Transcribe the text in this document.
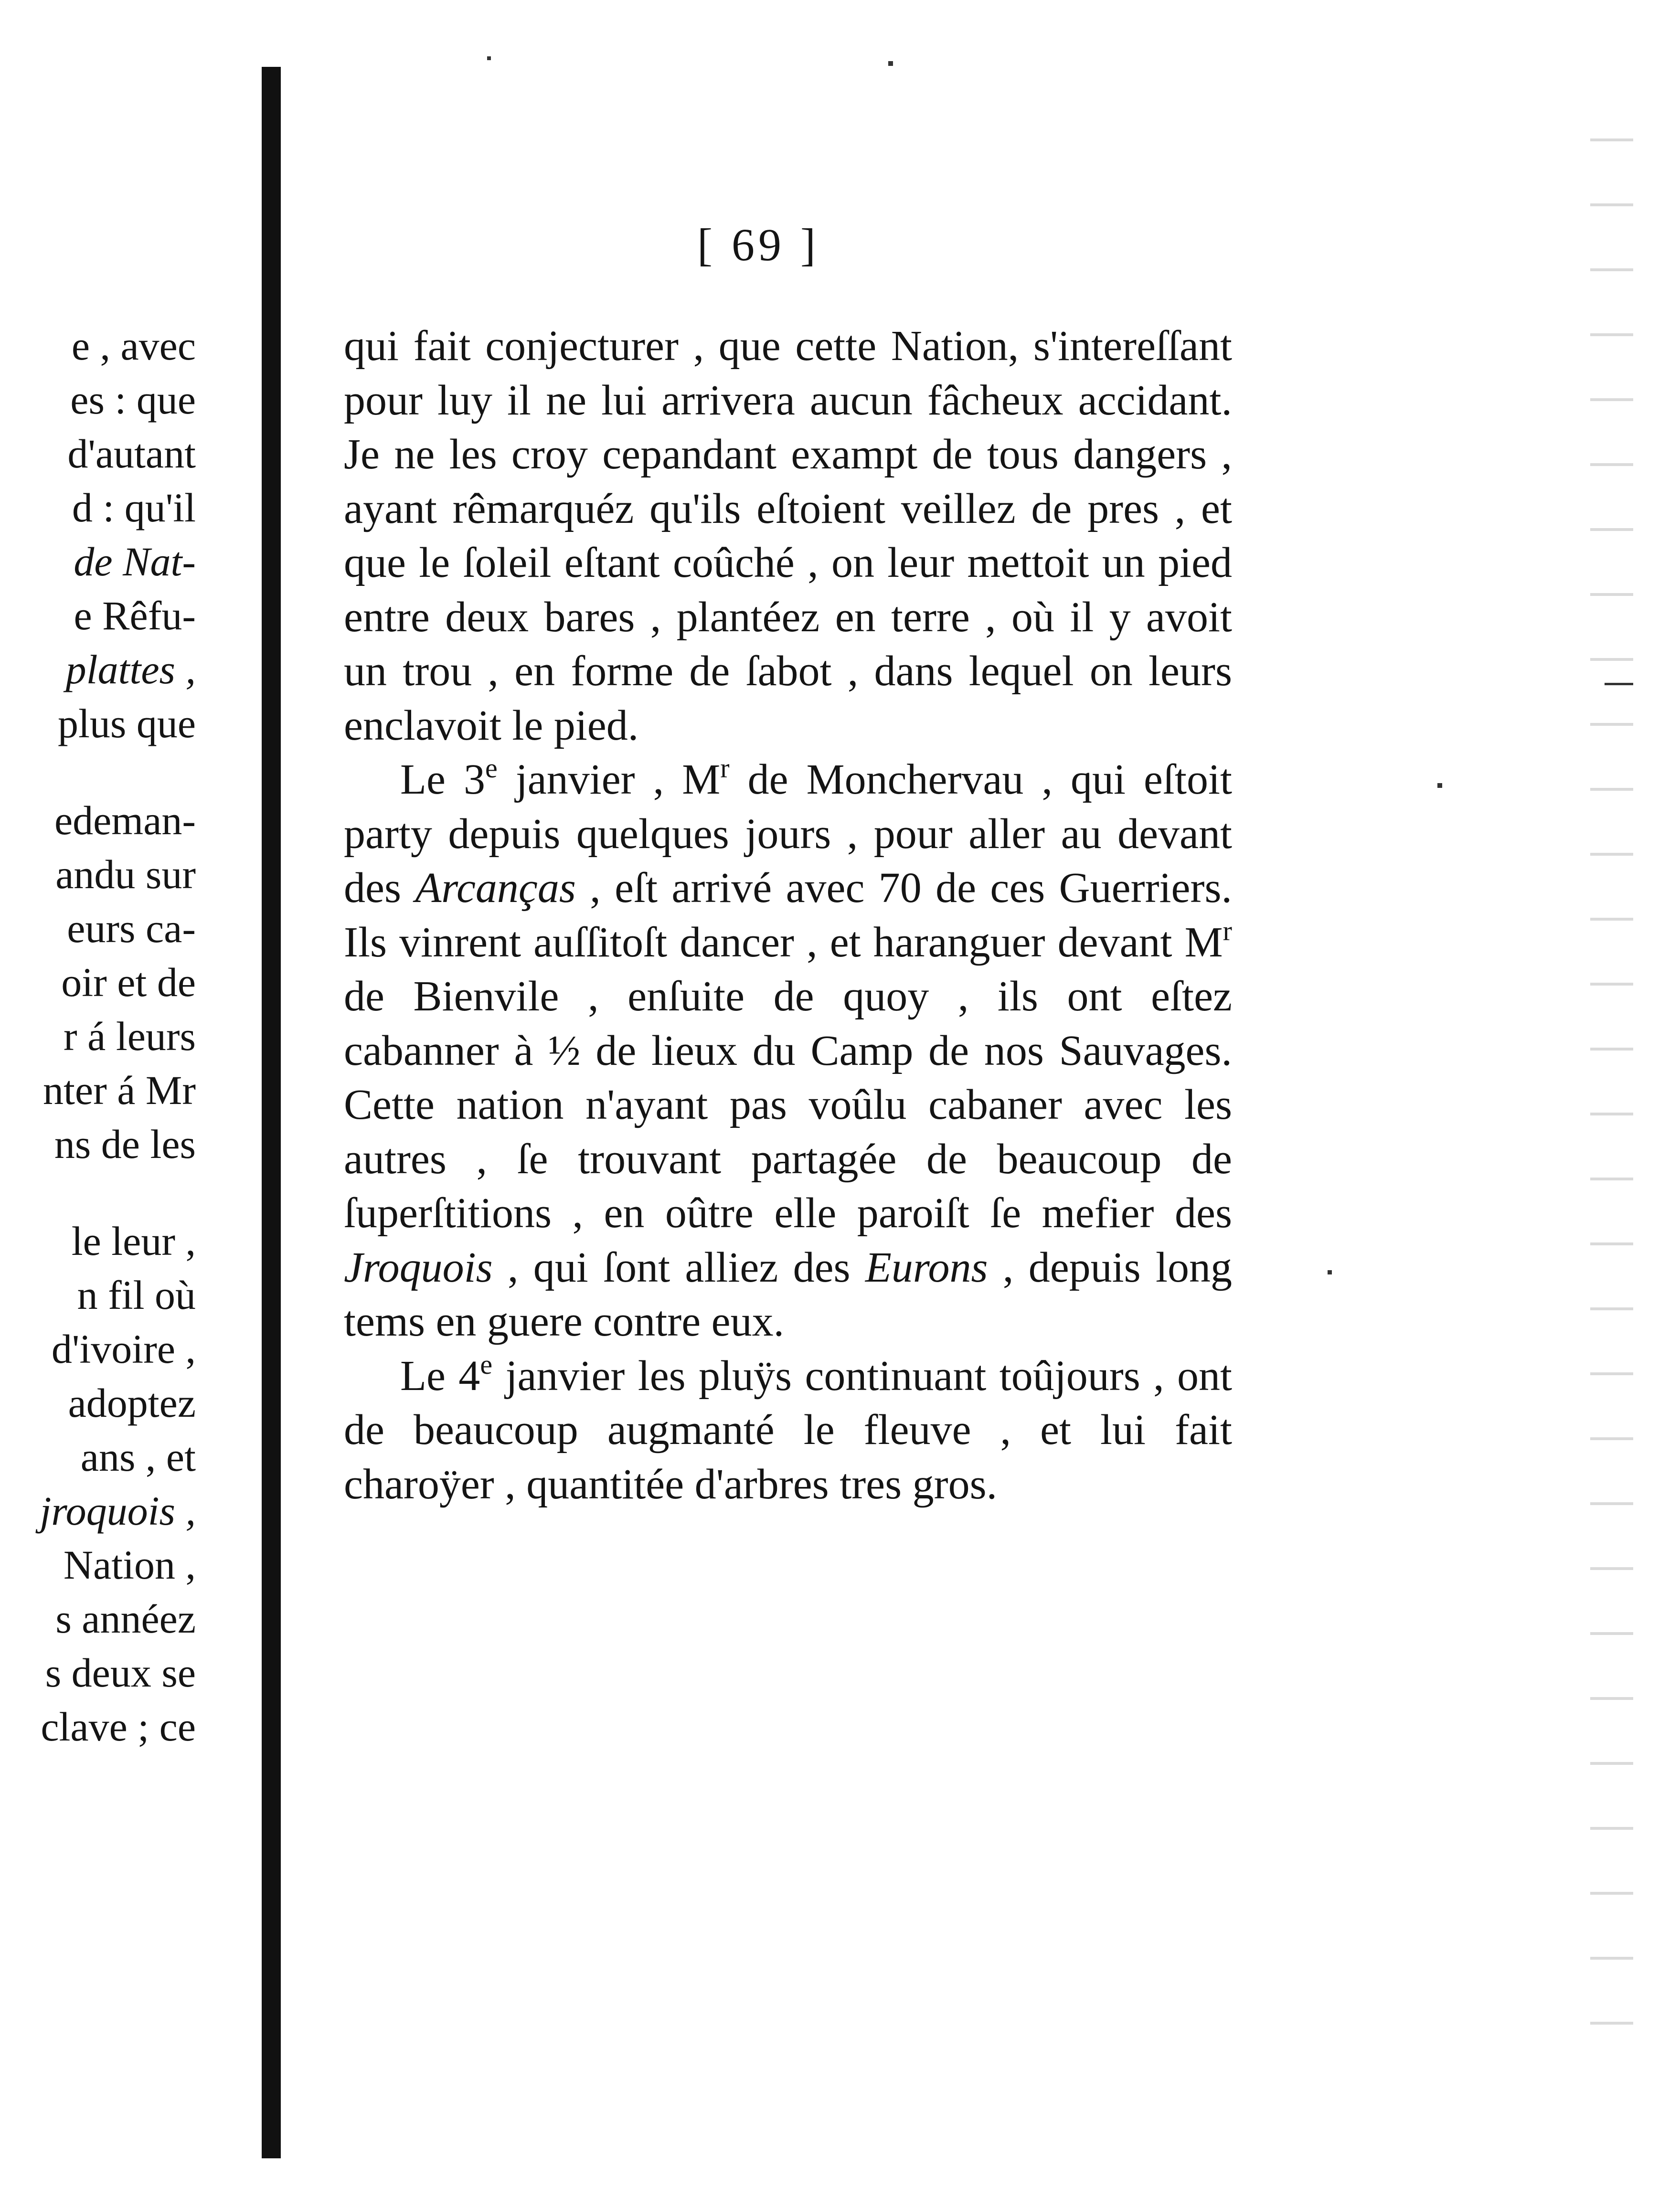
e , avec
es : que
d'autant
d : qu'il
de Nat-
e Rêfu-
plattes ,
plus que
edeman-
andu sur
eurs ca-
oir et de
r á leurs
nter á Mr
ns de les
le leur ,
n fil où
d'ivoire ,
adoptez
ans , et
jroquois ,
Nation ,
s annéez
s deux se
clave ; ce
[ 69 ]

qui fait conjecturer , que cette Nation, s'intereſſant pour luy il ne lui arrivera aucun fâcheux accidant. Je ne les croy cepandant exampt de tous dangers , ayant rêmarquéz qu'ils eſtoient veillez de pres , et que le ſoleil eſtant coûché , on leur mettoit un pied entre deux bares , plantéez en terre , où il y avoit un trou , en forme de ſabot , dans lequel on leurs enclavoit le pied.

Le 3e janvier , $M^r$ de Monchervau , qui eſtoit party depuis quelques jours , pour aller au devant des Arcanças , eſt arrivé avec 70 de ces Guerriers. Ils vinrent auſſitoſt dancer , et haranguer devant $M^r$ de Bienvile , enſuite de quoy , ils ont eſtez cabanner à ½ de lieux du Camp de nos Sauvages. Cette nation n'ayant pas voûlu cabaner avec les autres , ſe trouvant partagée de beaucoup de ſuperſtitions , en oûtre elle paroiſt ſe mefier des Jroquois , qui ſont alliez des Eurons , depuis long tems en guere contre eux.

Le 4e janvier les pluÿs continuant toûjours , ont de beaucoup augmanté le fleuve , et lui fait charoÿer , quantitée d'arbres tres gros.
